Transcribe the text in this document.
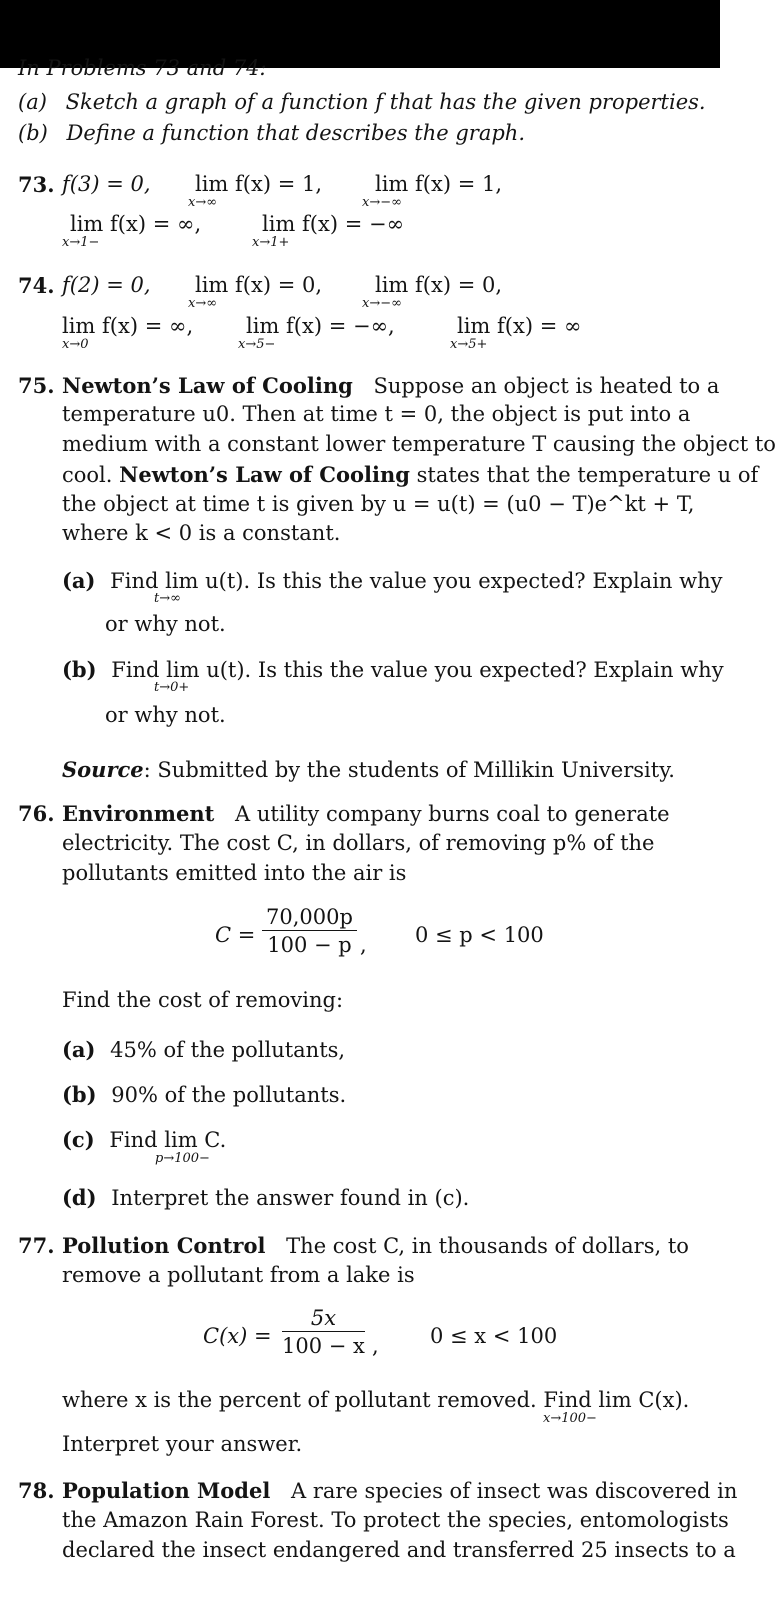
In Problems 73 and 74:
(a) Sketch a graph of a function f that has the given properties.
(b) Define a function that describes the graph.
73. f(3) = 0, lim f(x) = 1,
x→∞
lim f(x) = 1,
x→−∞
lim f(x) = ∞,
x→1−
lim f(x) = −∞
x→1+
74. f(2) = 0, lim f(x) = 0,
x→∞
lim f(x) = 0,
x→−∞
lim f(x) = ∞,
x→0
lim f(x) = −∞,
x→5−
lim f(x) = ∞
x→5+
75. Newton’s Law of Cooling Suppose an object is heated to a
temperature u0. Then at time t = 0, the object is put into a
medium with a constant lower temperature T causing the object to
cool. Newton’s Law of Cooling states that the temperature u of
the object at time t is given by u = u(t) = (u0 − T)e^kt + T,
where k < 0 is a constant.
(a) Find lim u(t). Is this the value you expected? Explain why
t→∞
or why not.
(b) Find lim u(t). Is this the value you expected? Explain why
t→0+
or why not.
Source: Submitted by the students of Millikin University.
76. Environment A utility company burns coal to generate
electricity. The cost C, in dollars, of removing p% of the
pollutants emitted into the air is
$C = \frac{70,000p}{100 - p}$ , 0 ≤ p < 100
Find the cost of removing:
(a) 45% of the pollutants,
(b) 90% of the pollutants.
(c) Find lim C.
p→100−
(d) Interpret the answer found in (c).
77. Pollution Control The cost C, in thousands of dollars, to
remove a pollutant from a lake is
$C(x) = \frac{5x}{100 - x}$ , 0 ≤ x < 100
where x is the percent of pollutant removed. Find lim C(x).
x→100−
Interpret your answer.
78. Population Model A rare species of insect was discovered in
the Amazon Rain Forest. To protect the species, entomologists
declared the insect endangered and transferred 25 insects to a
